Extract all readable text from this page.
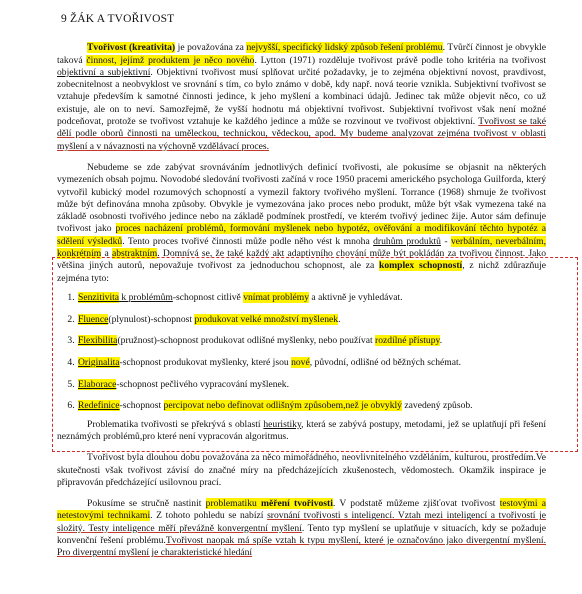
9 ŽÁK A TVOŘIVOST

Tvořivost (kreativita) je považována za nejvyšší, specifický lidský způsob řešení problému. Tvůrčí činnost je obvykle taková činnost, jejímž produktem je něco nového. Lytton (1971) rozděluje tvořivost právě podle toho kritéria na tvořivost objektivní a subjektivní. Objektivní tvořivost musí splňovat určité požadavky, je to zejména objektivní novost, pravdivost, zobecnitelnost a neobvyklost ve srovnání s tím, co bylo známo v době, kdy např. nová teorie vznikla. Subjektivní tvořivost se vztahuje především k samotné činnosti jedince, k jeho myšlení a kombinaci údajů. Jedinec tak může objevit něco, co už existuje, ale on to neví. Samozřejmě, že vyšší hodnotu má objektivní tvořivost. Subjektivní tvořivost však není možné podceňovat, protože se tvořivost vztahuje ke každého jedince a může se rozvinout ve tvořivost objektivní. Tvořivost se také dělí podle oborů činnosti na uměleckou, technickou, vědeckou, apod. My budeme analyzovat zejména tvořivost v oblasti myšlení a v návaznosti na výchovně vzdělávací proces.

Nebudeme se zde zabývat srovnáváním jednotlivých definicí tvořivosti, ale pokusíme se objasnit na některých vymezeních obsah pojmu. Novodobé sledování tvořivosti začíná v roce 1950 pracemi amerického psychologa Guilforda, který vytvořil kubický model rozumových schopností a vymezil faktory tvořivého myšlení. Torrance (1968) shrnuje že tvořivost může být definována mnoha způsoby. Obvykle je vymezována jako proces nebo produkt, může být však vymezena také na základě osobnosti tvořivého jedince nebo na základě podmínek prostředí, ve kterém tvořivý jedinec žije. Autor sám definuje tvořivost jako proces nacházení problémů, formování myšlenek nebo hypotéz, ověřování a modifikování těchto hypotéz a sdělení výsledků. Tento proces tvořivé činnosti může podle něho vést k mnoha druhům produktů - verbálním, neverbálním, konkrétním a abstraktním. Domnívá se, že také každý akt adaptivního chování může být pokládán za tvořivou činnost. Jako většina jiných autorů, nepovažuje tvořivost za jednoduchou schopnost, ale za komplex schopností, z nichž zdůrazňuje zejména tyto:

1. Senzitivita k problémům-schopnost citlivě vnímat problémy a aktivně je vyhledávat.
2. Fluence(plynulost)-schopnost produkovat velké množství myšlenek.
3. Flexibilita(pružnost)-schopnost produkovat odlišné myšlenky, nebo používat rozdílné přístupy.
4. Originalita-schopnost produkovat myšlenky, které jsou nové, původní, odlišné od běžných schémat.
5. Elaborace-schopnost pečlivého vypracování myšlenek.
6. Redefinice-schopnost percipovat nebo definovat odlišným způsobem,než je obvyklý zavedený způsob.

Problematika tvořivosti se překrývá s oblastí heuristiky, která se zabývá postupy, metodami, jež se uplatňují při řešení neznámých problémů,pro které není vypracován algoritmus.

Tvořivost byla dlouhou dobu považována za něco mimořádného, neovlivnitelného vzděláním, kulturou, prostředím.Ve skutečnosti však tvořivost závisí do značné míry na předcházejících zkušenostech, vědomostech. Okamžik inspirace je připravován předcházející usilovnou prací.

Pokusíme se stručně nastinit problematiku měření tvořivosti. V podstatě můžeme zjišťovat tvořivost testovými a netestovými technikami. Z tohoto pohledu se nabízí srovnání tvořivosti s inteligencí. Vztah mezi inteligencí a tvořivostí je složitý. Testy inteligence měří převážně konvergentní myšlení. Tento typ myšlení se uplatňuje v situacích, kdy se požaduje konvenční řešení problému.Tvořivost naopak má spíše vztah k typu myšlení, které je označováno jako divergentní myšlení. Pro divergentní myšlení je charakteristické hledání
